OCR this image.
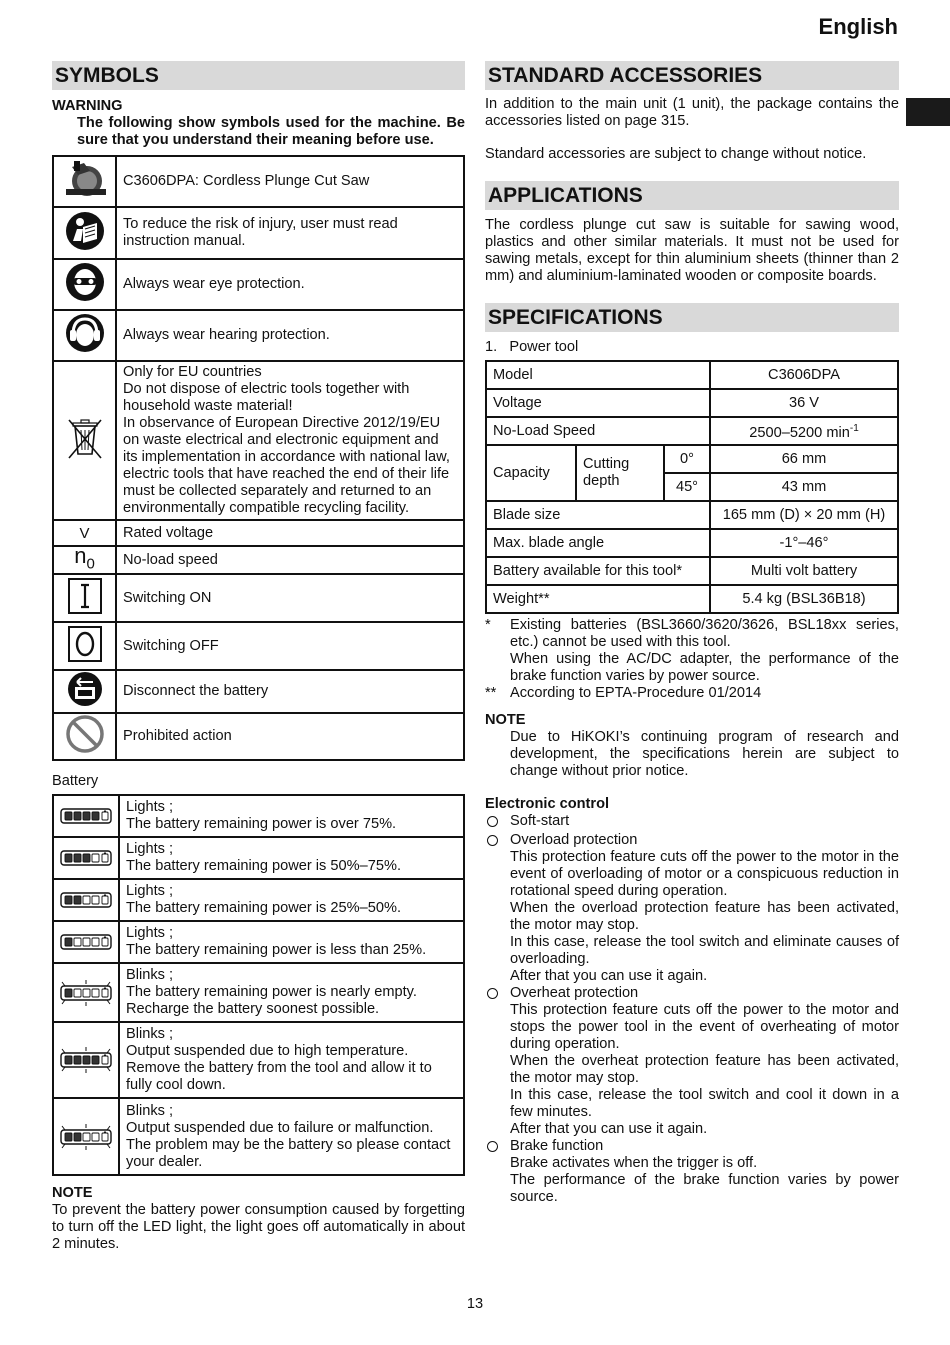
English
SYMBOLS

WARNING

The following show symbols used for the machine. Be sure that you understand their meaning before use.

	C3606DPA: Cordless Plunge Cut Saw
	To reduce the risk of injury, user must read instruction manual.
	Always wear eye protection.
	Always wear hearing protection.

Only for EU countries

Do not dispose of electric tools together with household waste material!

In observance of European Directive 2012/19/EU on waste electrical and electronic equipment and its implementation in accordance with national law, electric tools that have reached the end of their life must be collected separately and returned to an environmentally compatible recycling facility.

V	Rated voltage
$n_0$	No-load speed
	Switching ON
	Switching OFF
	Disconnect the battery
	Prohibited action

Battery

Lights ;
The battery remaining power is over 75%.

Lights ;
The battery remaining power is 50%–75%.

Lights ;
The battery remaining power is 25%–50%.

Lights ;
The battery remaining power is less than 25%.

Blinks ;
The battery remaining power is nearly empty. Recharge the battery soonest possible.

Blinks ;
Output suspended due to high temperature. Remove the battery from the tool and allow it to fully cool down.

Blinks ;
Output suspended due to failure or malfunction. The problem may be the battery so please contact your dealer.

NOTE

To prevent the battery power consumption caused by forgetting to turn off the LED light, the light goes off automatically in about 2 minutes.

STANDARD ACCESSORIES

In addition to the main unit (1 unit), the package contains the accessories listed on page 315.

Standard accessories are subject to change without notice.

APPLICATIONS

The cordless plunge cut saw is suitable for sawing wood, plastics and other similar materials. It must not be used for sawing metals, except for thin aluminium sheets (thinner than 2 mm) and aluminium-laminated wooden or composite boards.

SPECIFICATIONS

1.   Power tool

Model			C3606DPA
Voltage			36 V
No-Load Speed			2500–5200 $\min^{-1}$
Capacity	Cutting depth	0°	66 mm
		45°	43 mm
Blade size			165 mm (D) × 20 mm (H)
Max. blade angle			-1°–46°
Battery available for this tool*			Multi volt battery
Weight**			5.4 kg (BSL36B18)
*	Existing batteries (BSL3660/3620/3626, BSL18xx series, etc.) cannot be used with this tool.

When using the AC/DC adapter, the performance of the brake function varies by power source.

** According to EPTA-Procedure 01/2014

NOTE

Due to HiKOKI’s continuing program of research and development, the specifications herein are subject to change without prior notice.

Electronic control

Soft-start

Overload protection

This protection feature cuts off the power to the motor in the event of overloading of motor or a conspicuous reduction in rotational speed during operation.

When the overload protection feature has been activated, the motor may stop.

In this case, release the tool switch and eliminate causes of overloading.

After that you can use it again.

Overheat protection

This protection feature cuts off the power to the motor and stops the power tool in the event of overheating of motor during operation.

When the overheat protection feature has been activated, the motor may stop.

In this case, release the tool switch and cool it down in a few minutes.

After that you can use it again.

Brake function

Brake activates when the trigger is off.

The performance of the brake function varies by power source.

13
